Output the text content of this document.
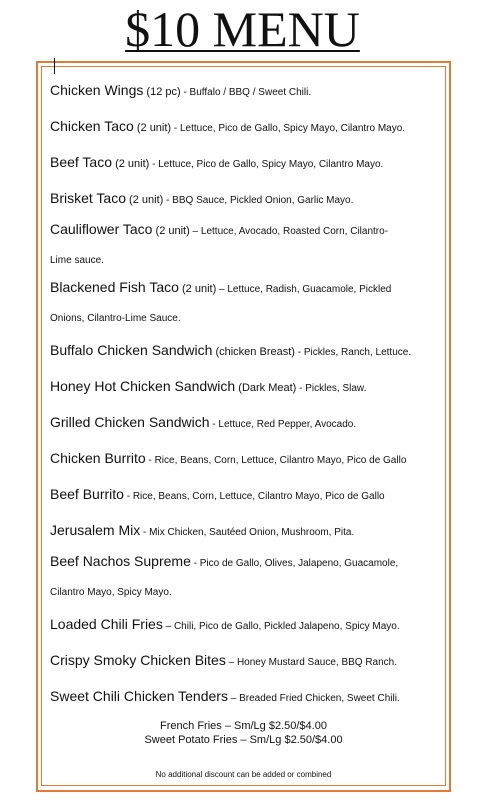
$10 MENU
Chicken Wings (12 pc) - Buffalo / BBQ / Sweet Chili.
Chicken Taco (2 unit) - Lettuce, Pico de Gallo, Spicy Mayo, Cilantro Mayo.
Beef Taco (2 unit) - Lettuce, Pico de Gallo, Spicy Mayo, Cilantro Mayo.
Brisket Taco (2 unit) - BBQ Sauce, Pickled Onion, Garlic Mayo.
Cauliflower Taco (2 unit) – Lettuce, Avocado, Roasted Corn, Cilantro-
Lime sauce.
Blackened Fish Taco (2 unit) – Lettuce, Radish, Guacamole, Pickled
Onions, Cilantro-Lime Sauce.
Buffalo Chicken Sandwich (chicken Breast) - Pickles, Ranch, Lettuce.
Honey Hot Chicken Sandwich (Dark Meat) - Pickles, Slaw.
Grilled Chicken Sandwich - Lettuce, Red Pepper, Avocado.
Chicken Burrito - Rice, Beans, Corn, Lettuce, Cilantro Mayo, Pico de Gallo
Beef Burrito - Rice, Beans, Corn, Lettuce, Cilantro Mayo, Pico de Gallo
Jerusalem Mix - Mix Chicken, Sautéed Onion, Mushroom, Pita.
Beef Nachos Supreme - Pico de Gallo, Olives, Jalapeno, Guacamole,
Cilantro Mayo, Spicy Mayo.
Loaded Chili Fries – Chili, Pico de Gallo, Pickled Jalapeno, Spicy Mayo.
Crispy Smoky Chicken Bites – Honey Mustard Sauce, BBQ Ranch.
Sweet Chili Chicken Tenders – Breaded Fried Chicken, Sweet Chili.
French Fries – Sm/Lg $2.50/$4.00
Sweet Potato Fries – Sm/Lg $2.50/$4.00
No additional discount can be added or combined
